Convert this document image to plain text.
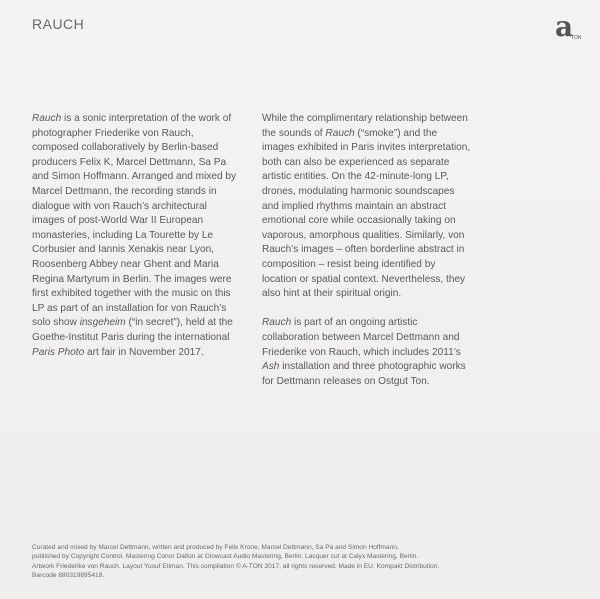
RAUCH	a
TON

Rauch is a sonic interpretation of the work of photographer Friederike von Rauch, composed collaboratively by Berlin-based producers Felix K, Marcel Dettmann, Sa Pa and Simon Hoffmann. Arranged and mixed by Marcel Dettmann, the recording stands in dialogue with von Rauch’s architectural images of post-World War II European monasteries, including La Tourette by Le Corbusier and Iannis Xenakis near Lyon, Roosenberg Abbey near Ghent and Maria Regina Martyrum in Berlin. The images were first exhibited together with the music on this LP as part of an installation for von Rauch’s solo show insgeheim (“in secret”), held at the Goethe-Institut Paris during the international Paris Photo art fair in November 2017.

While the complimentary relationship between the sounds of Rauch (“smoke”) and the images exhibited in Paris invites interpretation, both can also be experienced as separate artistic entities. On the 42-minute-long LP, drones, modulating harmonic soundscapes and implied rhythms maintain an abstract emotional core while occasionally taking on vaporous, amorphous qualities. Similarly, von Rauch’s images – often borderline abstract in composition – resist being identified by location or spatial context. Nevertheless, they also hint at their spiritual origin.

Rauch is part of an ongoing artistic collaboration between Marcel Dettmann and Friederike von Rauch, which includes 2011’s Ash installation and three photographic works for Dettmann releases on Ostgut Ton.

Curated and mixed by Marcel Dettmann, written and produced by Felix Krone, Marcel Dettmann, Sa Pa and Simon Hoffmann,
published by Copyright Control. Mastering Conor Dalton at Glowcast Audio Mastering, Berlin. Lacquer cut at Calyx Mastering, Berlin.
Artwork Friederike von Rauch. Layout Yusuf Etiman. This compilation © A-TON 2017, all rights reserved. Made in EU. Kompakt Distribution.
Barcode 880319895418.
